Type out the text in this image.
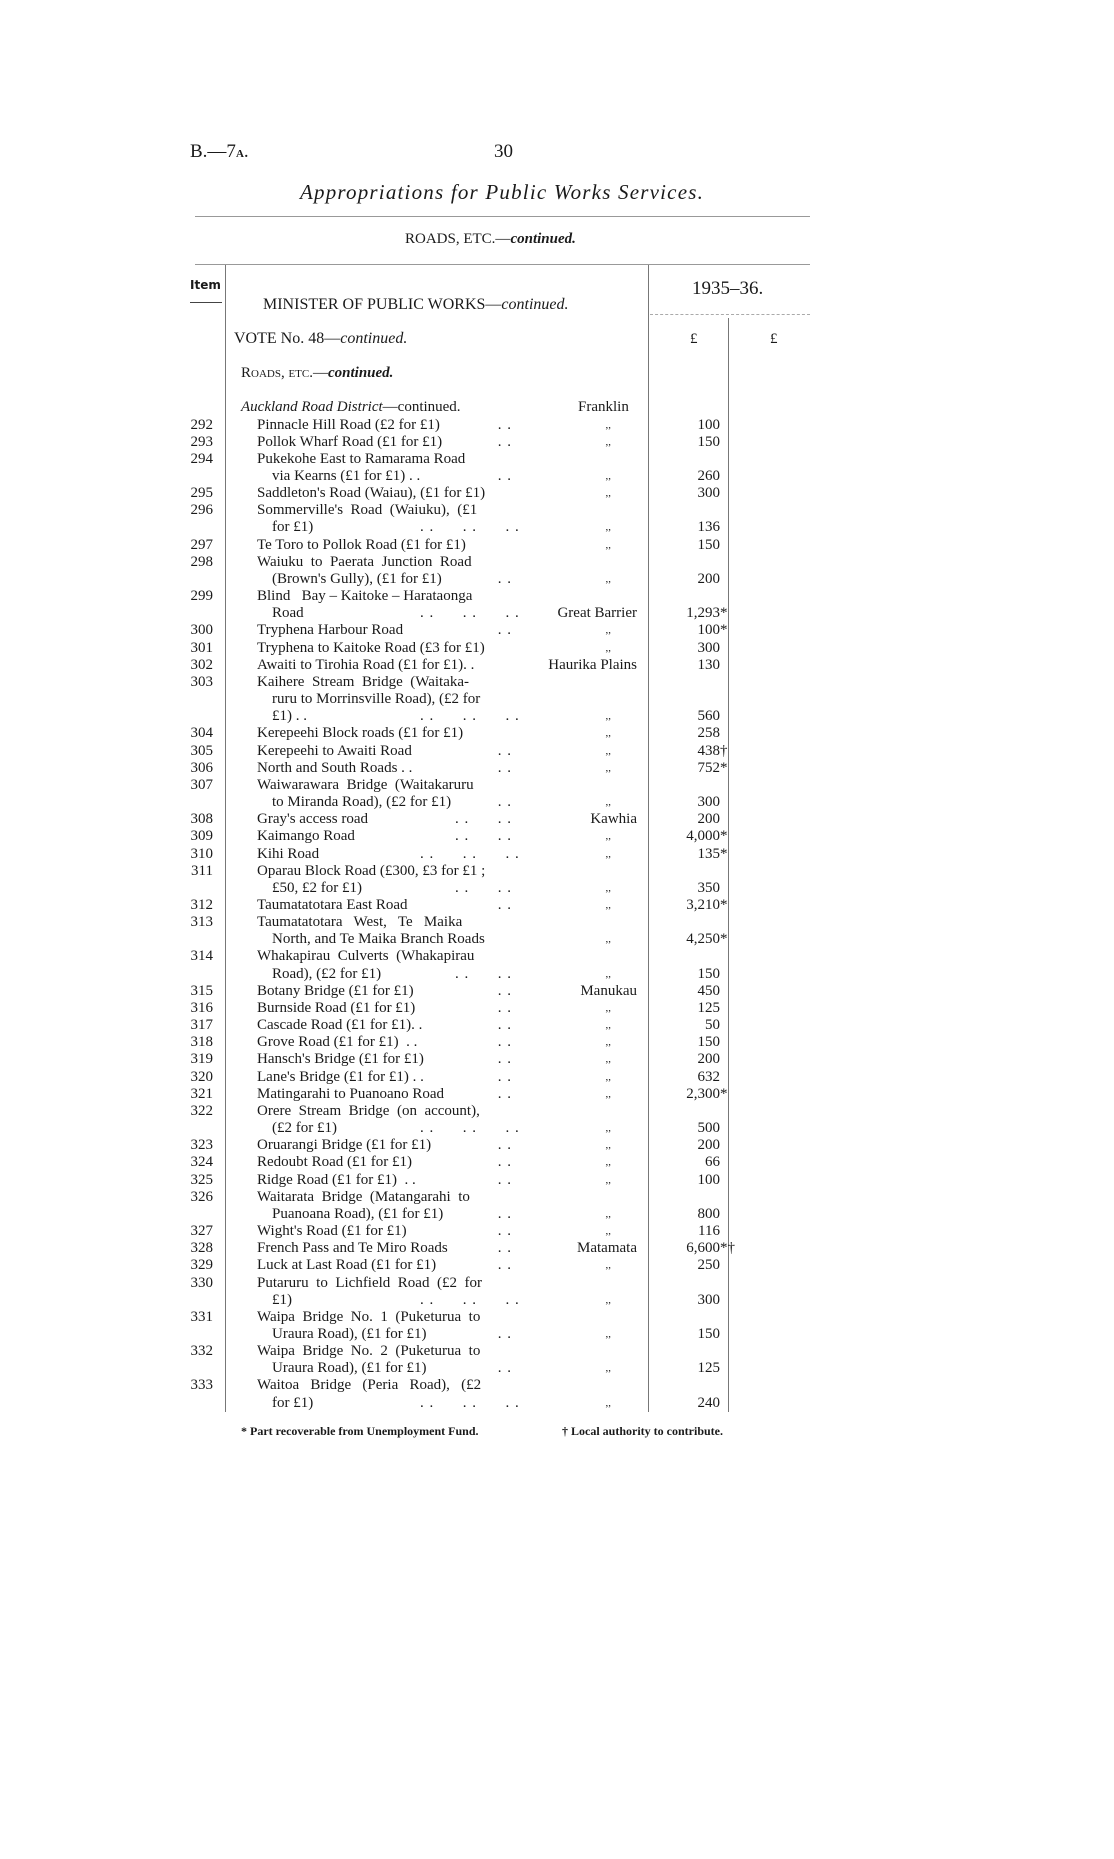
B.—7A.	30
Appropriations for Public Works Services.
ROADS, ETC.—continued.
Item	1935–36.
£	£
MINISTER OF PUBLIC WORKS—continued.
VOTE No. 48—continued.
Roads, etc.—continued.
Auckland Road District—continued.	Franklin
292	Pinnacle Hill Road (£2 for £1)	. .	,,	100
293	Pollok Wharf Road (£1 for £1)	. .	,,	150
294	Pukekohe East to Ramarama Road
via Kearns (£1 for £1) . .	. .	,,	260
295	Saddleton's Road (Waiau), (£1 for £1)	,,	300
296	Sommerville's  Road  (Waiuku),  (£1
for £1)	. .      . .      . .	,,	136
297	Te Toro to Pollok Road (£1 for £1)	,,	150
298	Waiuku  to  Paerata  Junction  Road
(Brown's Gully), (£1 for £1)	. .	,,	200
299	Blind   Bay – Kaitoke – Harataonga
Road	. .      . .      . .	Great Barrier	1,293 *
300	Tryphena Harbour Road	. .	,,	100 *
301	Tryphena to Kaitoke Road (£3 for £1)	,,	300
302	Awaiti to Tirohia Road (£1 for £1). .	Haurika Plains	130
303	Kaihere  Stream  Bridge  (Waitaka-
ruru to Morrinsville Road), (£2 for
£1) . .	. .      . .      . .	,,	560
304	Kerepeehi Block roads (£1 for £1)	,,	258
305	Kerepeehi to Awaiti Road	. .	,,	438 †
306	North and South Roads . .	. .	,,	752 *
307	Waiwarawara  Bridge  (Waitakaruru
to Miranda Road), (£2 for £1)	. .	,,	300
308	Gray's access road	. .      . .	Kawhia	200
309	Kaimango Road	. .      . .	,,	4,000 *
310	Kihi Road	. .      . .      . .	,,	135 *
311	Oparau Block Road (£300, £3 for £1 ;
£50, £2 for £1)	. .      . .	,,	350
312	Taumatatotara East Road	. .	,,	3,210 *
313	Taumatatotara   West,   Te   Maika
North, and Te Maika Branch Roads	,,	4,250 *
314	Whakapirau  Culverts  (Whakapirau
Road), (£2 for £1)	. .      . .	,,	150
315	Botany Bridge (£1 for £1)	. .	Manukau	450
316	Burnside Road (£1 for £1)	. .	,,	125
317	Cascade Road (£1 for £1). .	. .	,,	50
318	Grove Road (£1 for £1)  . .	. .	,,	150
319	Hansch's Bridge (£1 for £1)	. .	,,	200
320	Lane's Bridge (£1 for £1) . .	. .	,,	632
321	Matingarahi to Puanoano Road	. .	,,	2,300 *
322	Orere  Stream  Bridge  (on  account),
(£2 for £1)	. .      . .      . .	,,	500
323	Oruarangi Bridge (£1 for £1)	. .	,,	200
324	Redoubt Road (£1 for £1)	. .	,,	66
325	Ridge Road (£1 for £1)  . .	. .	,,	100
326	Waitarata  Bridge  (Matangarahi  to
Puanoana Road), (£1 for £1)	. .	,,	800
327	Wight's Road (£1 for £1)	. .	,,	116
328	French Pass and Te Miro Roads	. .	Matamata	6,600 *†
329	Luck at Last Road (£1 for £1)	. .	,,	250
330	Putaruru  to  Lichfield  Road  (£2  for
£1)	. .      . .      . .	,,	300
331	Waipa  Bridge  No.  1  (Puketurua  to
Uraura Road), (£1 for £1)	. .	,,	150
332	Waipa  Bridge  No.  2  (Puketurua  to
Uraura Road), (£1 for £1)	. .	,,	125
333	Waitoa   Bridge   (Peria   Road),   (£2
for £1)	. .      . .      . .	,,	240
* Part recoverable from Unemployment Fund.	† Local authority to contribute.
